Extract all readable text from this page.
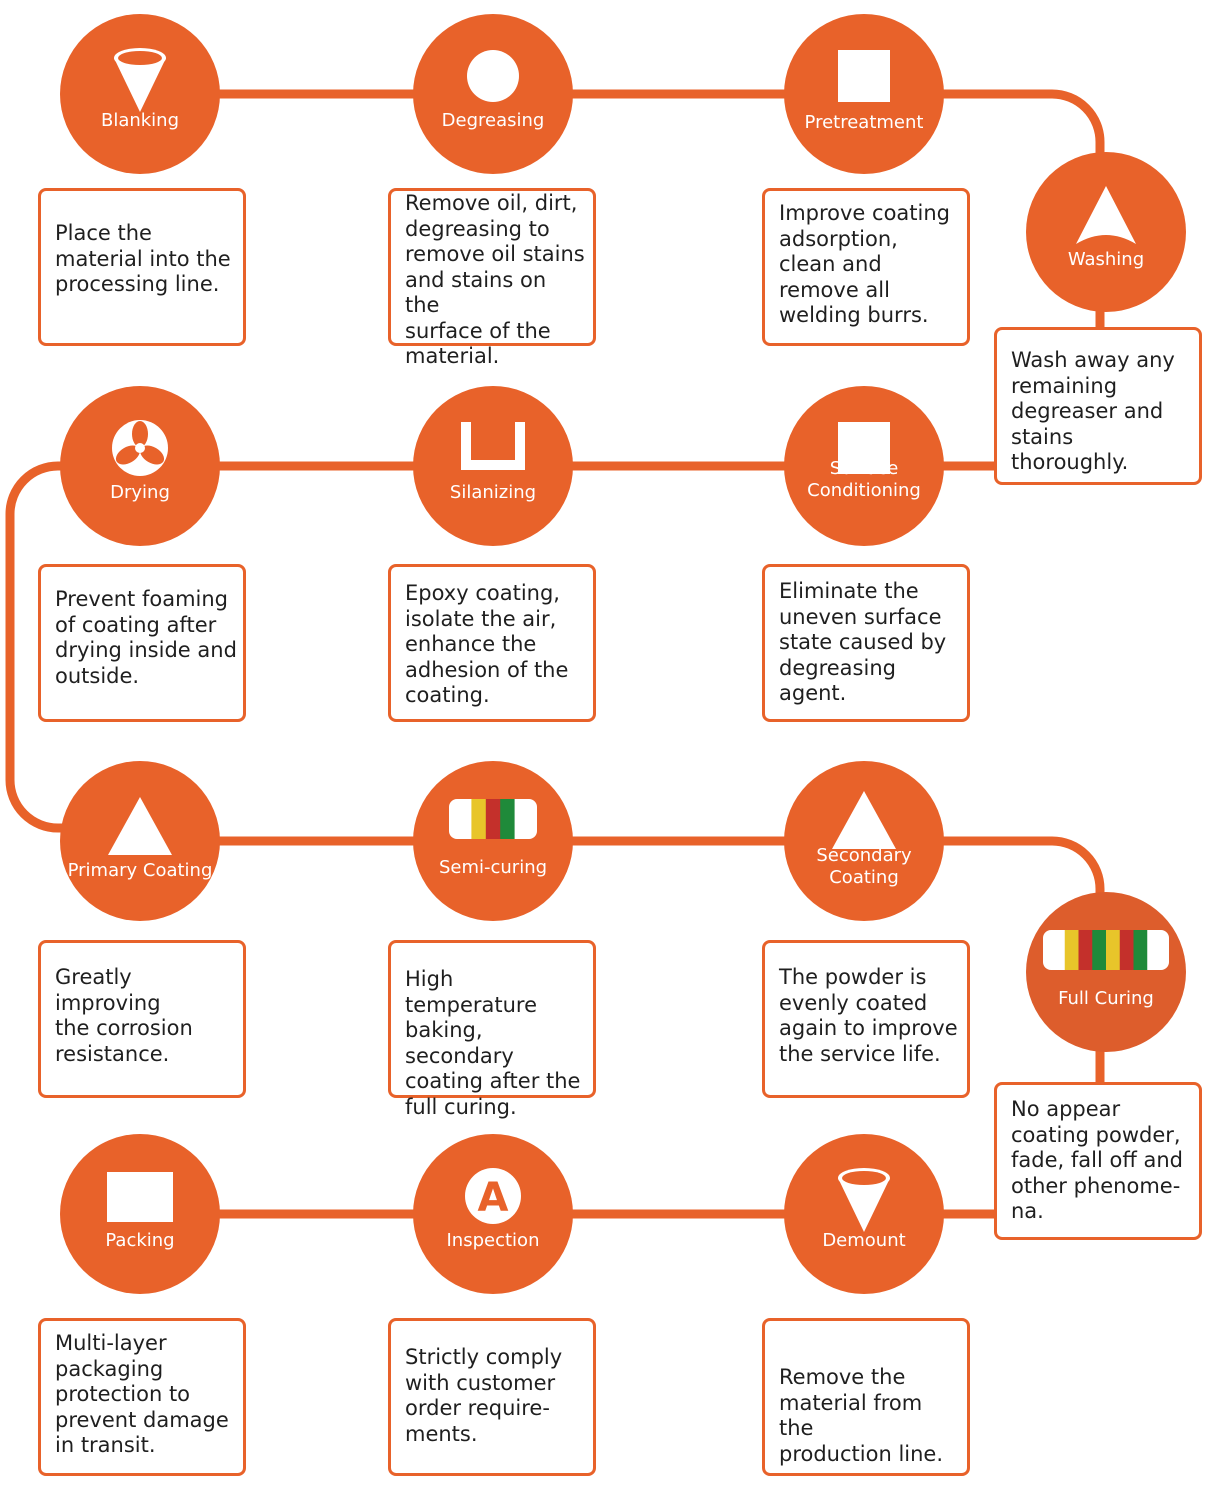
Blanking	Degreasing	Pretreatment
Washing
Drying	Silanizing
Surface
Conditioning
Primary Coating	Semi-curing
Secondary
Coating
Full Curing
Demount
A
Inspection
Packing
Place the
material into the
processing line.
Remove oil, dirt,
degreasing to
remove oil stains
and stains on the
surface of the
material.
Improve coating
adsorption,
clean and
remove all
welding burrs.
Wash away any
remaining
degreaser and
stains thoroughly.
Prevent foaming
of coating after
drying inside and
outside.
Epoxy coating,
isolate the air,
enhance the
adhesion of the
coating.
Eliminate the
uneven surface
state caused by
degreasing
agent.
Greatly improving
the corrosion
resistance.
High temperature
baking, secondary
coating after the
full curing.
The powder is
evenly coated
again to improve
the service life.
No appear
coating powder,
fade, fall off and
other phenome-
na.
Remove the
material from the
production line.
Strictly comply
with customer
order require-
ments.
Multi-layer
packaging
protection to
prevent damage
in transit.
